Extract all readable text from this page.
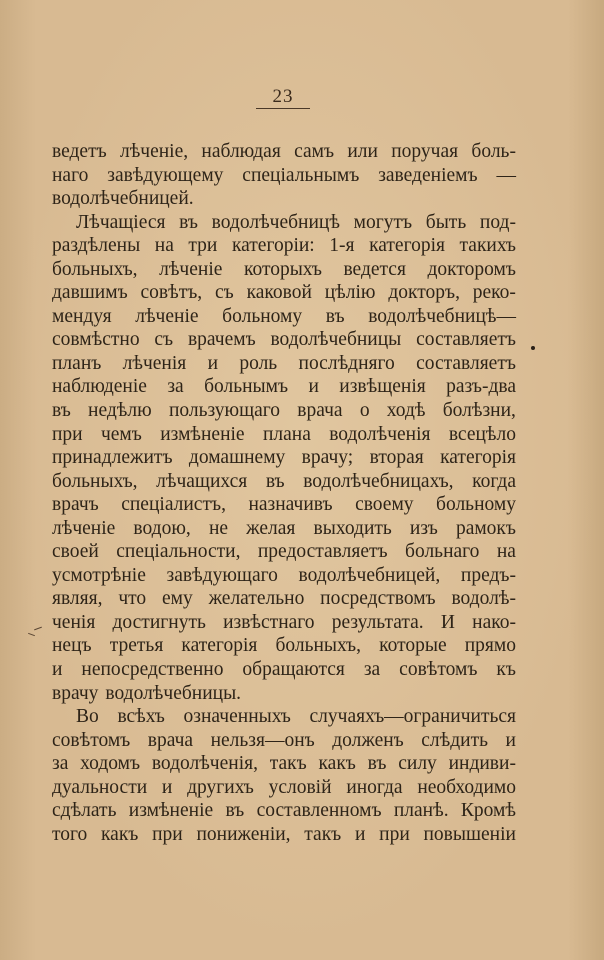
23
ведетъ лѣченіе, наблюдая самъ или поручая боль-
наго завѣдующему спеціальнымъ заведеніемъ —
водолѣчебницей.
Лѣчащіеся въ водолѣчебницѣ могутъ быть под-
раздѣлены на три категоріи: 1-я категорія такихъ
больныхъ, лѣченіе которыхъ ведется докторомъ
давшимъ совѣтъ, съ каковой цѣлію докторъ, реко-
мендуя лѣченіе больному въ водолѣчебницѣ—
совмѣстно съ врачемъ водолѣчебницы составляетъ
планъ лѣченія и роль послѣдняго составляетъ
наблюденіе за больнымъ и извѣщенія разъ-два
въ недѣлю пользующаго врача о ходѣ болѣзни,
при чемъ измѣненіе плана водолѣченія всецѣло
принадлежитъ домашнему врачу; вторая категорія
больныхъ, лѣчащихся въ водолѣчебницахъ, когда
врачъ спеціалистъ, назначивъ своему больному
лѣченіе водою, не желая выходить изъ рамокъ
своей спеціальности, предоставляетъ больнаго на
усмотрѣніе завѣдующаго водолѣчебницей, предъ-
являя, что ему желательно посредствомъ водолѣ-
ченія достигнуть извѣстнаго результата. И нако-
нецъ третья категорія больныхъ, которые прямо
и непосредственно обращаются за совѣтомъ къ
врачу водолѣчебницы.
Во всѣхъ означенныхъ случаяхъ—ограничиться
совѣтомъ врача нельзя—онъ долженъ слѣдить и
за ходомъ водолѣченія, такъ какъ въ силу индиви-
дуальности и другихъ условій иногда необходимо
сдѣлать измѣненіе въ составленномъ планѣ. Кромѣ
того какъ при пониженіи, такъ и при повышеніи
